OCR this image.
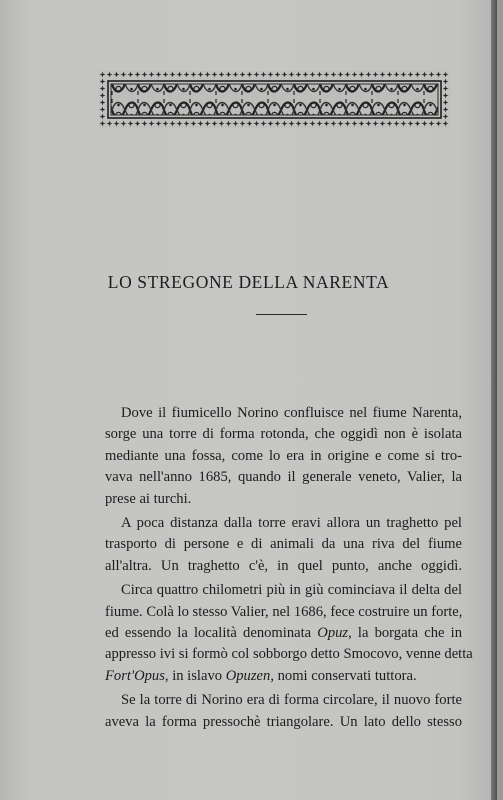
LO STREGONE DELLA NARENTA

Dove il fiumicello Norino confluisce nel fiume Narenta,
sorge una torre di forma rotonda, che oggidì non è isolata
mediante una fossa, come lo era in origine e come si tro-
vava nell'anno 1685, quando il generale veneto, Valier, la
prese ai turchi.

A poca distanza dalla torre eravi allora un traghetto pel
trasporto di persone e di animali da una riva del fiume
all'altra. Un traghetto c'è, in quel punto, anche oggidì.

Circa quattro chilometri più in giù cominciava il delta del
fiume. Colà lo stesso Valier, nel 1686, fece costruire un forte,
ed essendo la località denominata Opuz, la borgata che in
appresso ivi si formò col sobborgo detto Smocovo, venne detta
Fort'Opus, in islavo Opuzen, nomi conservati tuttora.

Se la torre di Norino era di forma circolare, il nuovo forte
aveva la forma pressochè triangolare. Un lato dello stesso
